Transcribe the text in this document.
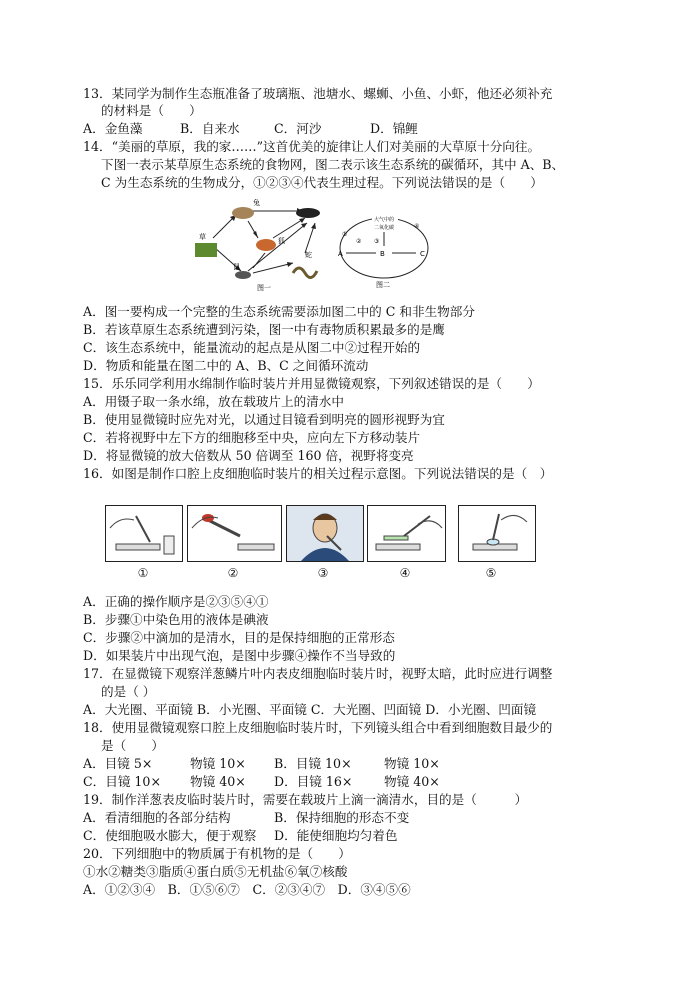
13．某同学为制作生态瓶准备了玻璃瓶、池塘水、螺蛳、小鱼、小虾，他还必须补充
的材料是（　　）
A．金鱼藻	B．自来水	C．河沙	D．锦鲤
14．“美丽的草原，我的家……”这首优美的旋律让人们对美丽的大草原十分向往。
下图一表示某草原生态系统的食物网，图二表示该生态系统的碳循环，其中 A、B、
C 为生态系统的生物成分，①②③④代表生理过程。下列说法错误的是（　　）
草
兔
狐
蛇
鼠
图一
大气中的
二氧化碳
A	B	C
①
② ③
④
图二
A．图一要构成一个完整的生态系统需要添加图二中的 C 和非生物部分
B．若该草原生态系统遭到污染，图一中有毒物质积累最多的是鹰
C．该生态系统中，能量流动的起点是从图二中②过程开始的
D．物质和能量在图二中的 A、B、C 之间循环流动
15．乐乐同学利用水绵制作临时装片并用显微镜观察，下列叙述错误的是（　　）
A．用镊子取一条水绵，放在载玻片上的清水中
B．使用显微镜时应先对光，以通过目镜看到明亮的圆形视野为宜
C．若将视野中左下方的细胞移至中央，应向左下方移动装片
D．将显微镜的放大倍数从 50 倍调至 160 倍，视野将变亮
16．如图是制作口腔上皮细胞临时装片的相关过程示意图。下列说法错误的是（　）
①	②	③	④	⑤
A．正确的操作顺序是②③⑤④①
B．步骤①中染色用的液体是碘液
C．步骤②中滴加的是清水，目的是保持细胞的正常形态
D．如果装片中出现气泡，是图中步骤④操作不当导致的
17．在显微镜下观察洋葱鳞片叶内表皮细胞临时装片时，视野太暗，此时应进行调整
的是（ ）
A．大光圈、平面镜 B．小光圈、平面镜 C．大光圈、凹面镜 D．小光圈、凹面镜
18．使用显微镜观察口腔上皮细胞临时装片时，下列镜头组合中看到细胞数目最少的
是（　　）
A．目镜 5×	物镜 10× B．目镜 10×	物镜 10×
C．目镜 10× 物镜 40× D．目镜 16×	物镜 40×
19．制作洋葱表皮临时装片时，需要在载玻片上滴一滴清水，目的是（　　　）
A．看清细胞的各部分结构	B．保持细胞的形态不变
C．使细胞吸水膨大，便于观察 D．能使细胞均匀着色
20．下列细胞中的物质属于有机物的是（　　）
①水②糖类③脂质④蛋白质⑤无机盐⑥氧⑦核酸
A．①②③④　B．①⑤⑥⑦　C．②③④⑦　D．③④⑤⑥
